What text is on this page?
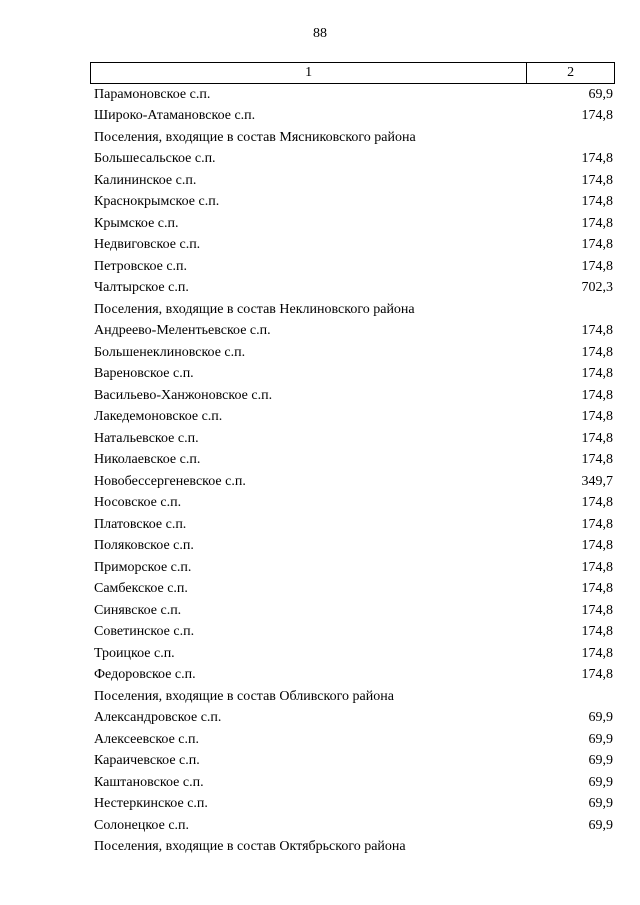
88
1	2
Парамоновское с.п.	69,9
Широко-Атамановское с.п.	174,8
Поселения, входящие в состав Мясниковского района
Большесальское с.п.	174,8
Калининское с.п.	174,8
Краснокрымское с.п.	174,8
Крымское с.п.	174,8
Недвиговское с.п.	174,8
Петровское с.п.	174,8
Чалтырское с.п.	702,3
Поселения, входящие в состав Неклиновского района
Андреево-Мелентьевское с.п.	174,8
Большенеклиновское с.п.	174,8
Вареновское с.п.	174,8
Васильево-Ханжоновское с.п.	174,8
Лакедемоновское с.п.	174,8
Натальевское с.п.	174,8
Николаевское с.п.	174,8
Новобессергеневское с.п.	349,7
Носовское с.п.	174,8
Платовское с.п.	174,8
Поляковское с.п.	174,8
Приморское с.п.	174,8
Самбекское с.п.	174,8
Синявское с.п.	174,8
Советинское с.п.	174,8
Троицкое с.п.	174,8
Федоровское с.п.	174,8
Поселения, входящие в состав Обливского района
Александровское с.п.	69,9
Алексеевское с.п.	69,9
Караичевское с.п.	69,9
Каштановское с.п.	69,9
Нестеркинское с.п.	69,9
Солонецкое с.п.	69,9
Поселения, входящие в состав Октябрьского района
